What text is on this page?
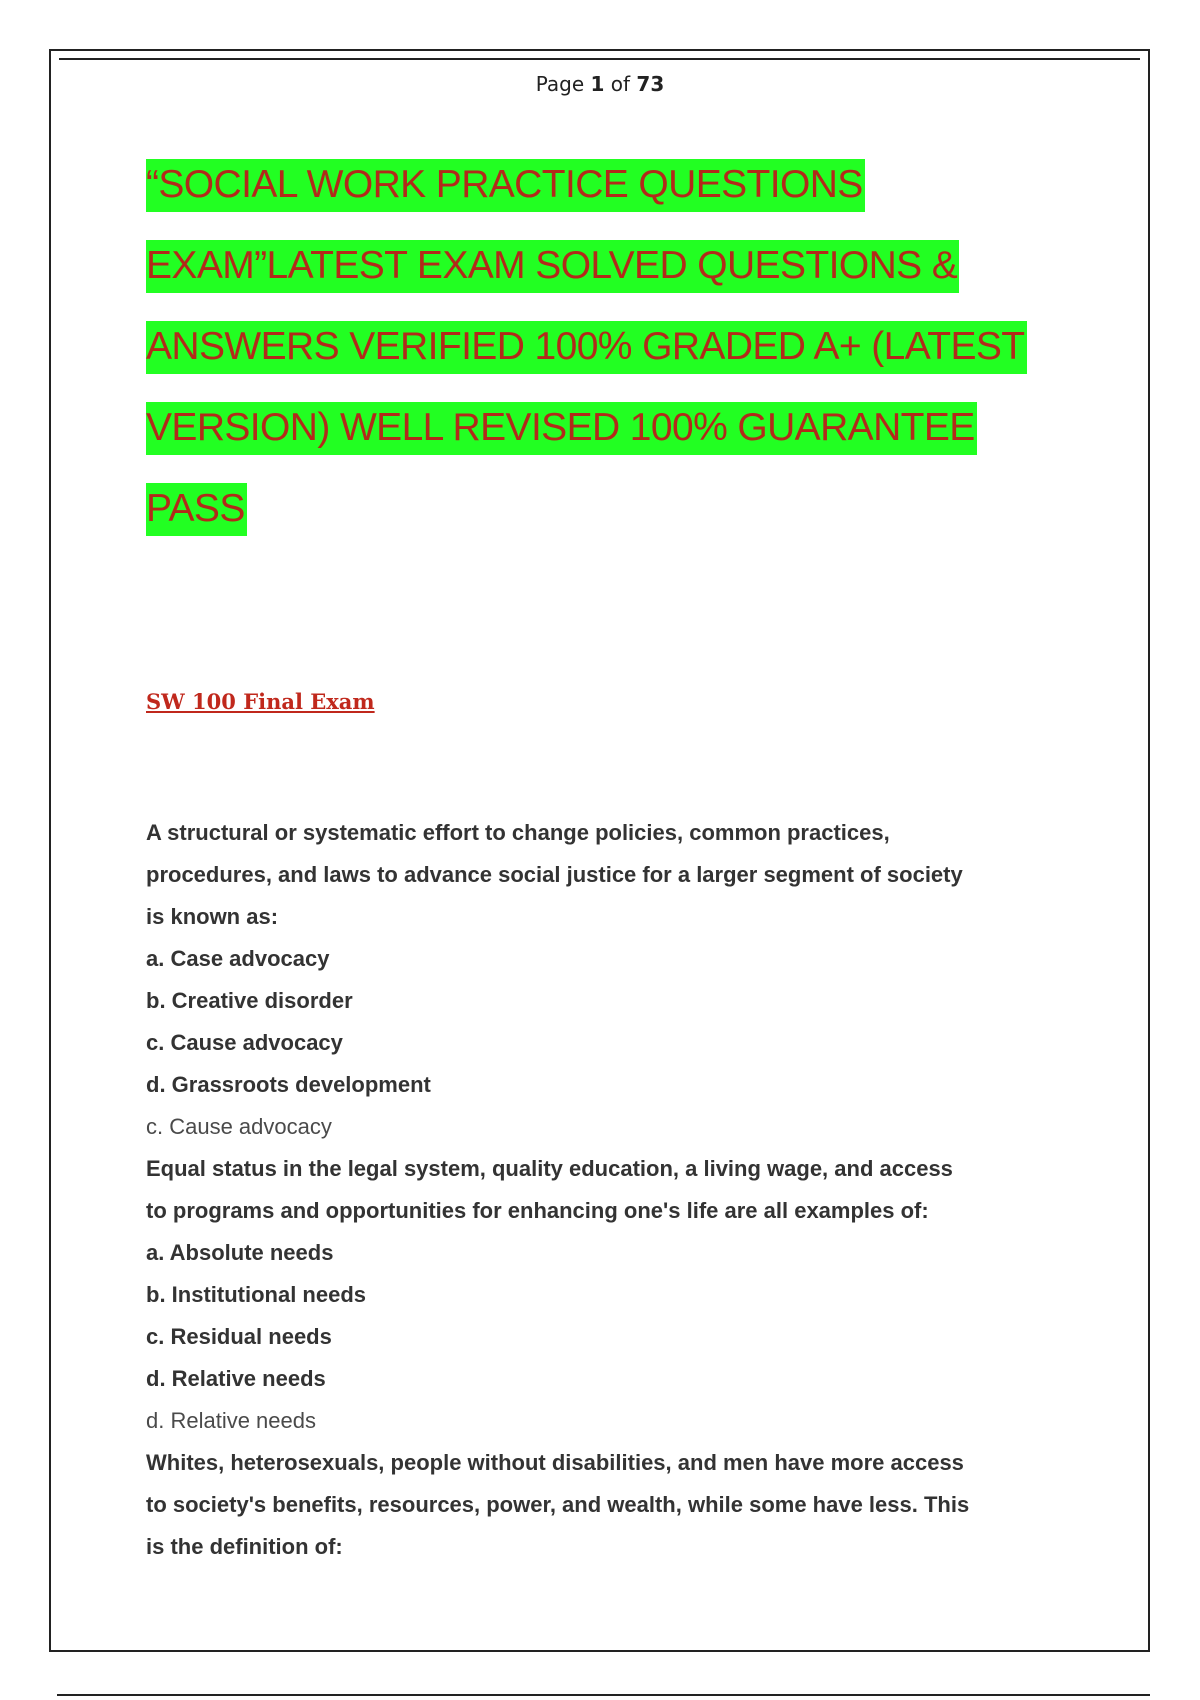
Page 1 of 73
“SOCIAL WORK PRACTICE QUESTIONS
EXAM”LATEST EXAM SOLVED QUESTIONS &
ANSWERS VERIFIED 100% GRADED A+ (LATEST
VERSION) WELL REVISED 100% GUARANTEE
PASS
SW 100 Final Exam

A structural or systematic effort to change policies, common practices,

procedures, and laws to advance social justice for a larger segment of society

is known as:

a. Case advocacy

b. Creative disorder

c. Cause advocacy

d. Grassroots development

c. Cause advocacy

Equal status in the legal system, quality education, a living wage, and access

to programs and opportunities for enhancing one's life are all examples of:

a. Absolute needs

b. Institutional needs

c. Residual needs

d. Relative needs

d. Relative needs

Whites, heterosexuals, people without disabilities, and men have more access

to society's benefits, resources, power, and wealth, while some have less. This

is the definition of:
